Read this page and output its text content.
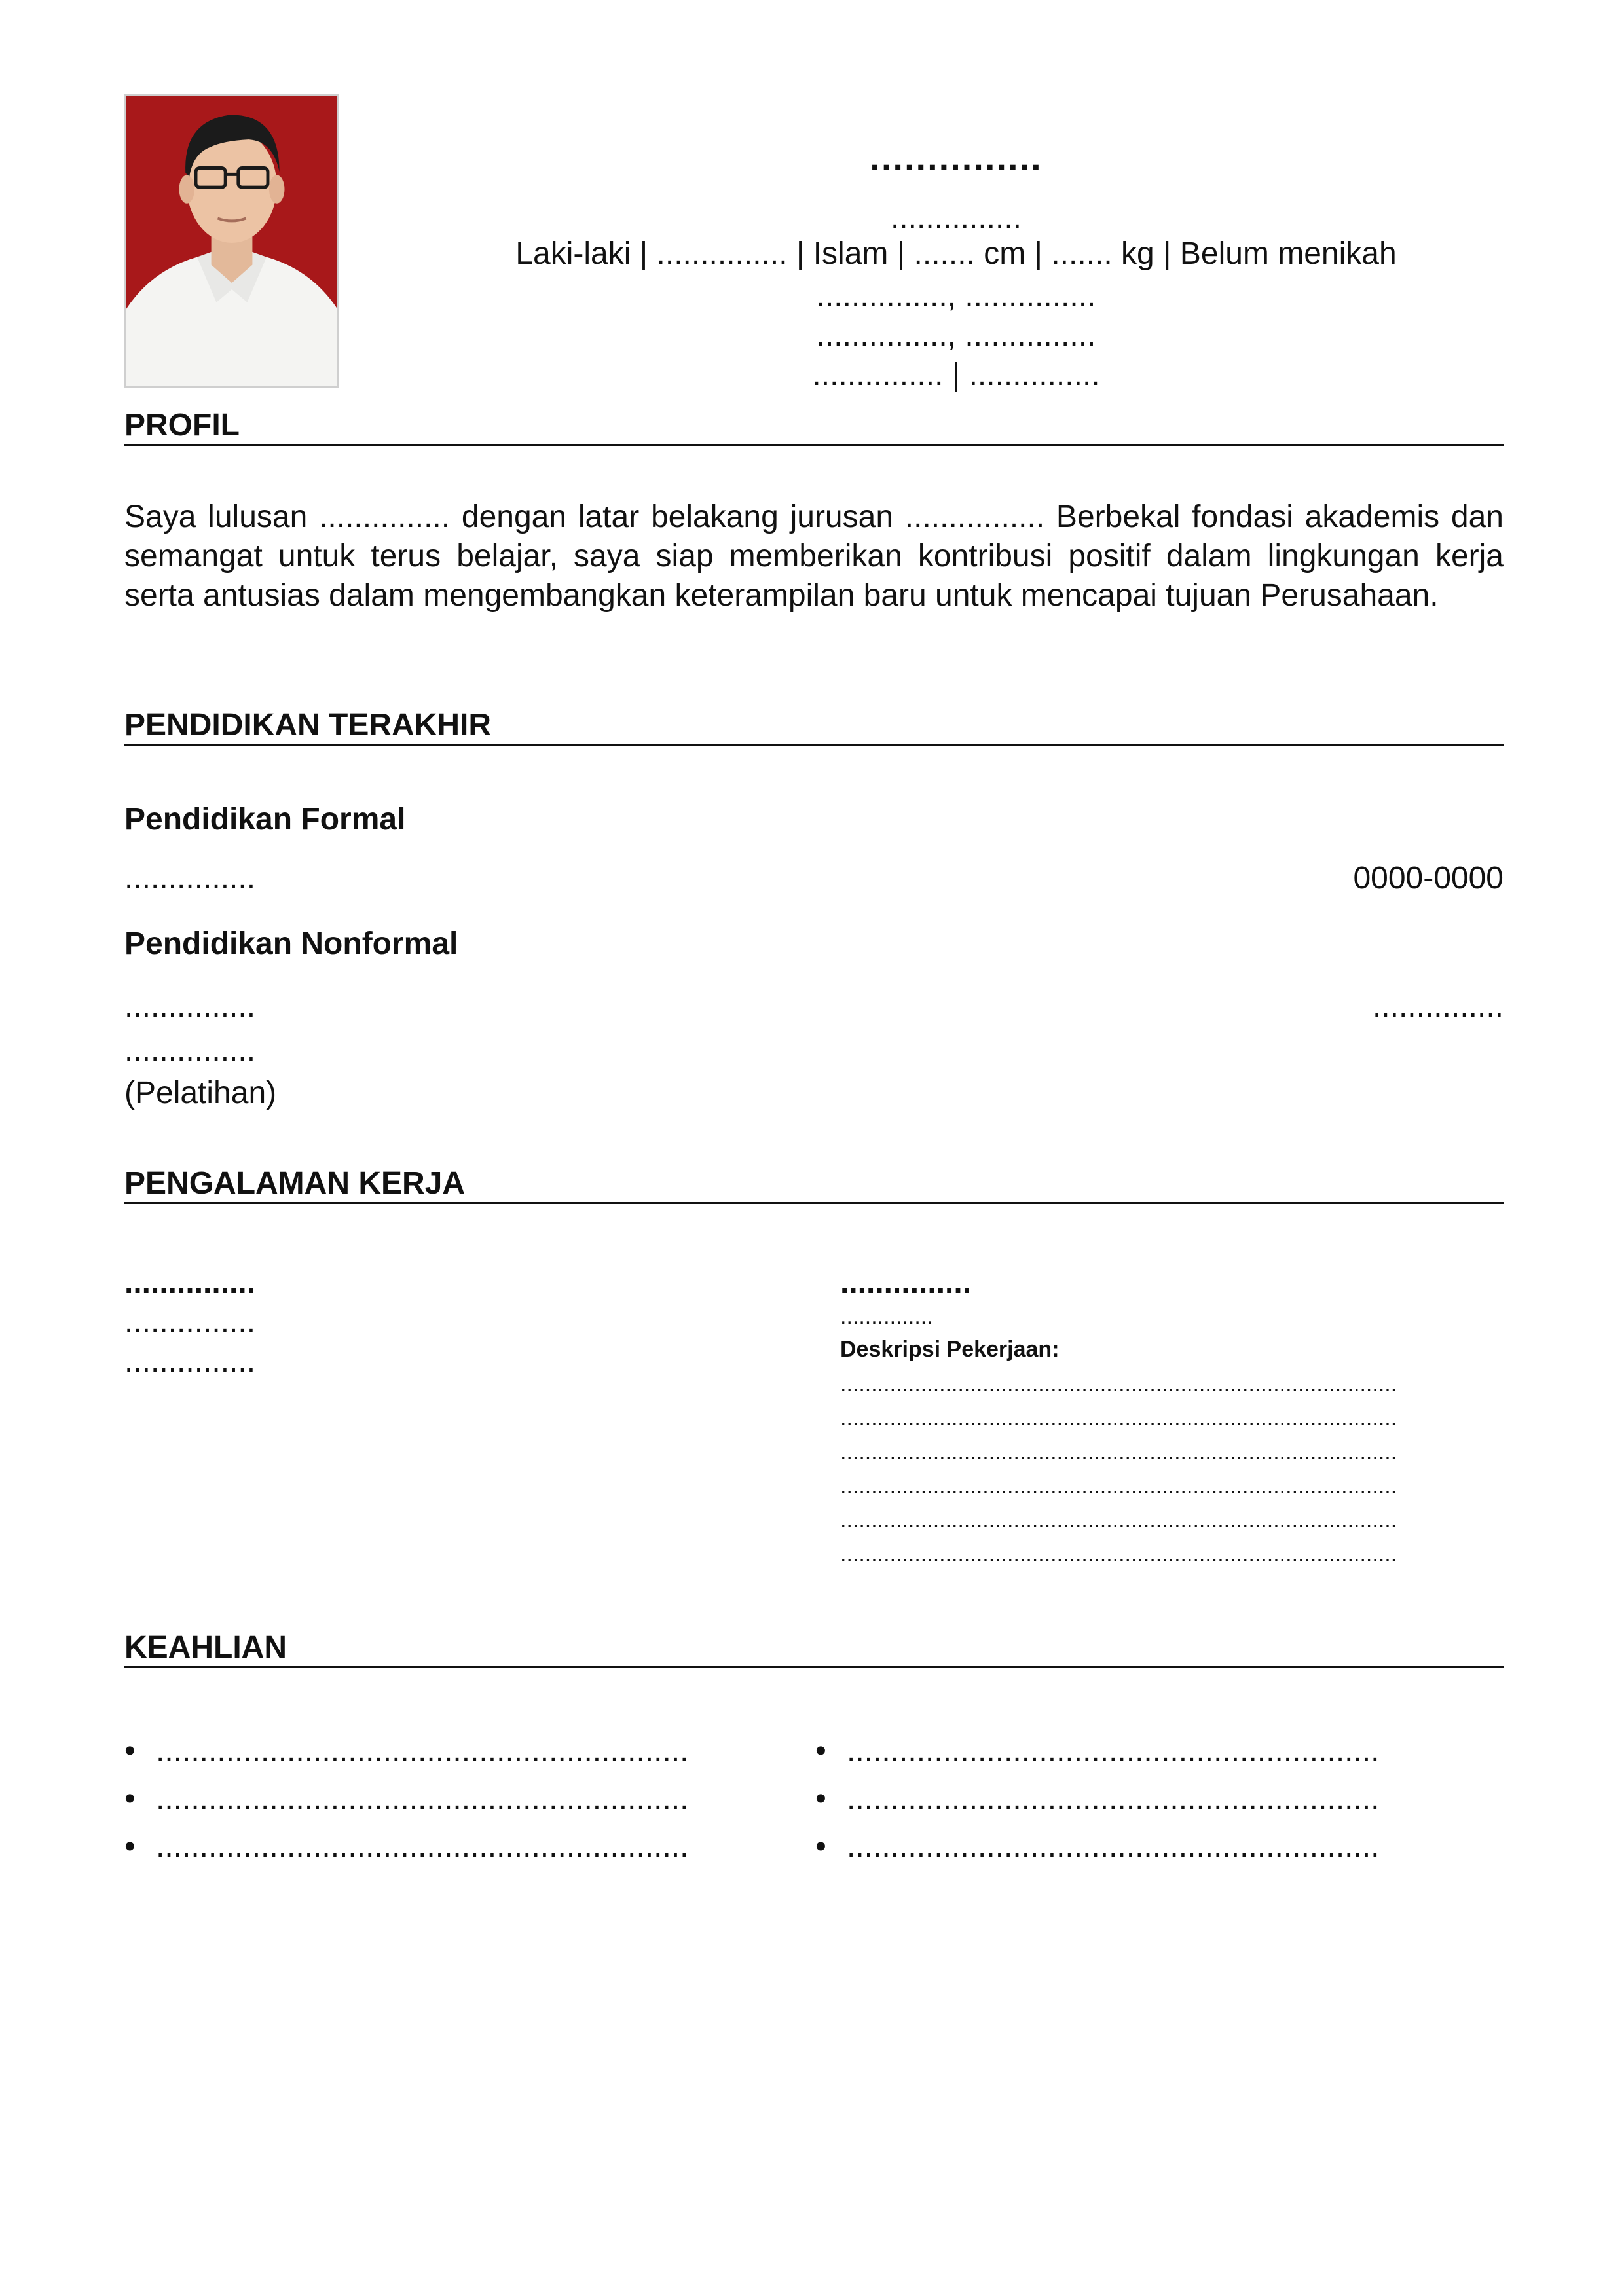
...............
...............
Laki-laki | ............... | Islam | ....... cm | ....... kg | Belum menikah
..............., ...............
..............., ...............
............... | ...............
PROFIL
Saya lulusan ............... dengan latar belakang jurusan ................ Berbekal fondasi akademis dan semangat untuk terus belajar, saya siap memberikan kontribusi positif dalam lingkungan kerja serta antusias dalam mengembangkan keterampilan baru untuk mencapai tujuan Perusahaan.
PENDIDIKAN TERAKHIR
Pendidikan Formal
...............	0000-0000
Pendidikan Nonformal
...............	...............
...............
(Pelatihan)
PENGALAMAN KERJA
...............
...............
...............
...............
...............
Deskripsi Pekerjaan:
..........................................................................................
..........................................................................................
..........................................................................................
..........................................................................................
..........................................................................................
..........................................................................................
KEAHLIAN
• .............................................................
• .............................................................
• .............................................................
• .............................................................
• .............................................................
• .............................................................
